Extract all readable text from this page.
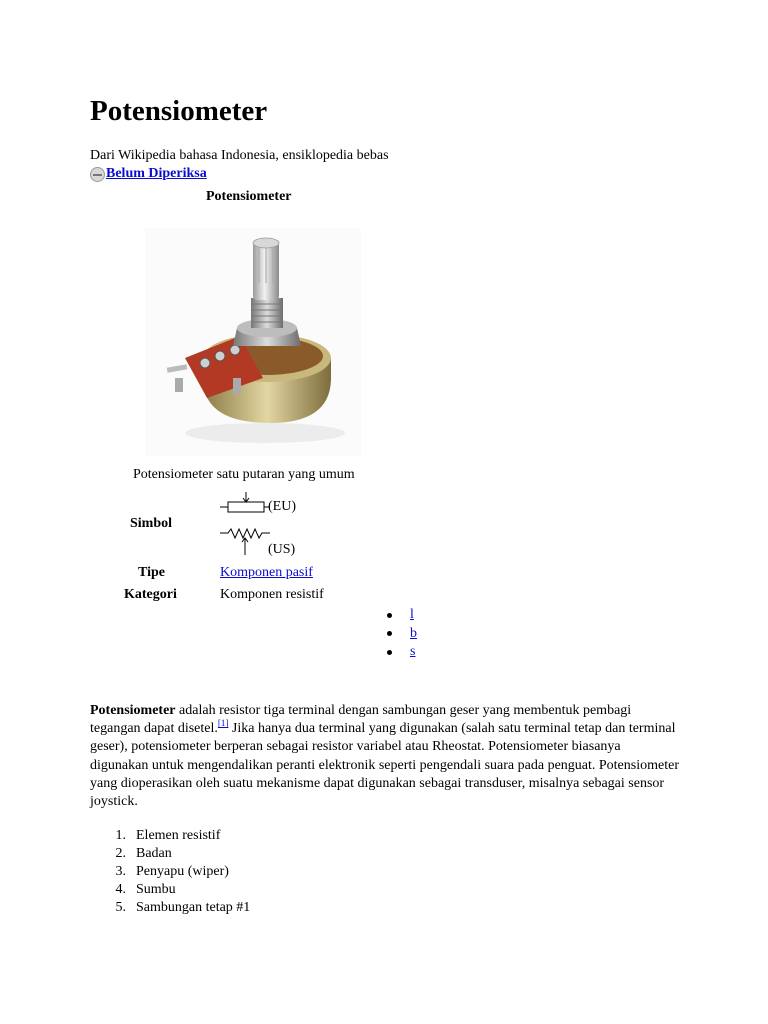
Potensiometer
Dari Wikipedia bahasa Indonesia, ensiklopedia bebas
Belum Diperiksa
Potensiometer
Potensiometer satu putaran yang umum
(EU)
(US)
Simbol
Tipe	Komponen pasif
Kategori	Komponen resistif
l
b
s

Potensiometer adalah resistor tiga terminal dengan sambungan geser yang membentuk pembagi tegangan dapat disetel.[1] Jika hanya dua terminal yang digunakan (salah satu terminal tetap dan terminal geser), potensiometer berperan sebagai resistor variabel atau Rheostat. Potensiometer biasanya digunakan untuk mengendalikan peranti elektronik seperti pengendali suara pada penguat. Potensiometer yang dioperasikan oleh suatu mekanisme dapat digunakan sebagai transduser, misalnya sebagai sensor joystick.

1. Elemen resistif
2. Badan
3. Penyapu (wiper)
4. Sumbu
5. Sambungan tetap #1
